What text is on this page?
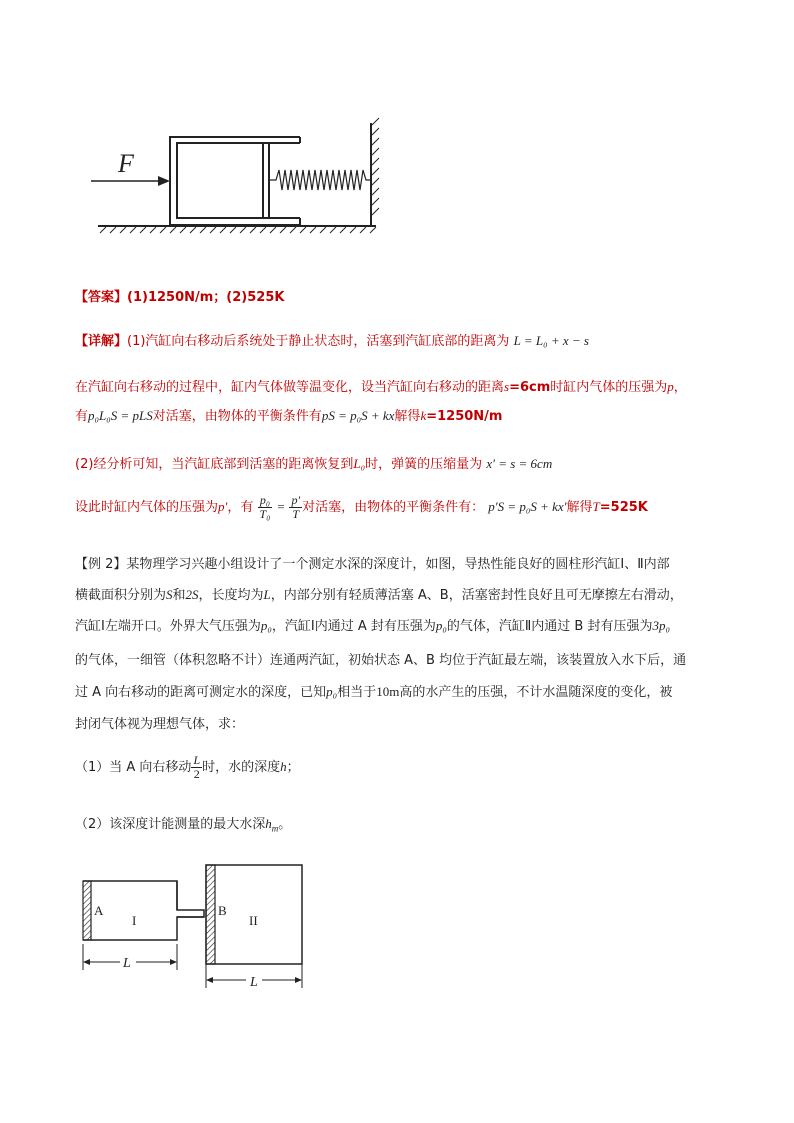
F
【答案】(1)1250N/m；(2)525K
【详解】(1)汽缸向右移动后系统处于静止状态时，活塞到汽缸底部的距离为 L = L₀ + x − s
在汽缸向右移动的过程中，缸内气体做等温变化，设当汽缸向右移动的距离s=6cm时缸内气体的压强为p，
有p₀L₀S = pLS对活塞，由物体的平衡条件有pS = p₀S + kx解得k=1250N/m
(2)经分析可知，当汽缸底部到活塞的距离恢复到L₀时，弹簧的压缩量为 x′ = s = 6cm
设此时缸内气体的压强为p′，有 $\frac{\text{p₀}}{\text{T₀}} = \frac{p'}{T}$ 对活塞，由物体的平衡条件有： p′S = p₀S + kx′解得T=525K
【例 2】某物理学习兴趣小组设计了一个测定水深的深度计，如图，导热性能良好的圆柱形汽缸Ⅰ、Ⅱ内部
横截面积分别为S和2S，长度均为L，内部分别有轻质薄活塞 A、B，活塞密封性良好且可无摩擦左右滑动，
汽缸Ⅰ左端开口。外界大气压强为p₀，汽缸Ⅰ内通过 A 封有压强为p₀的气体，汽缸Ⅱ内通过 B 封有压强为3p₀
的气体，一细管（体积忽略不计）连通两汽缸，初始状态 A、B 均位于汽缸最左端，该装置放入水下后，通
过 A 向右移动的距离可测定水的深度，已知p₀相当于10m高的水产生的压强，不计水温随深度的变化，被
封闭气体视为理想气体，求：
（1）当 A 向右移动 $\frac{L}{2}$ 时，水的深度h；
（2）该深度计能测量的最大水深$h_m$。
A
I
B
II
L
L
